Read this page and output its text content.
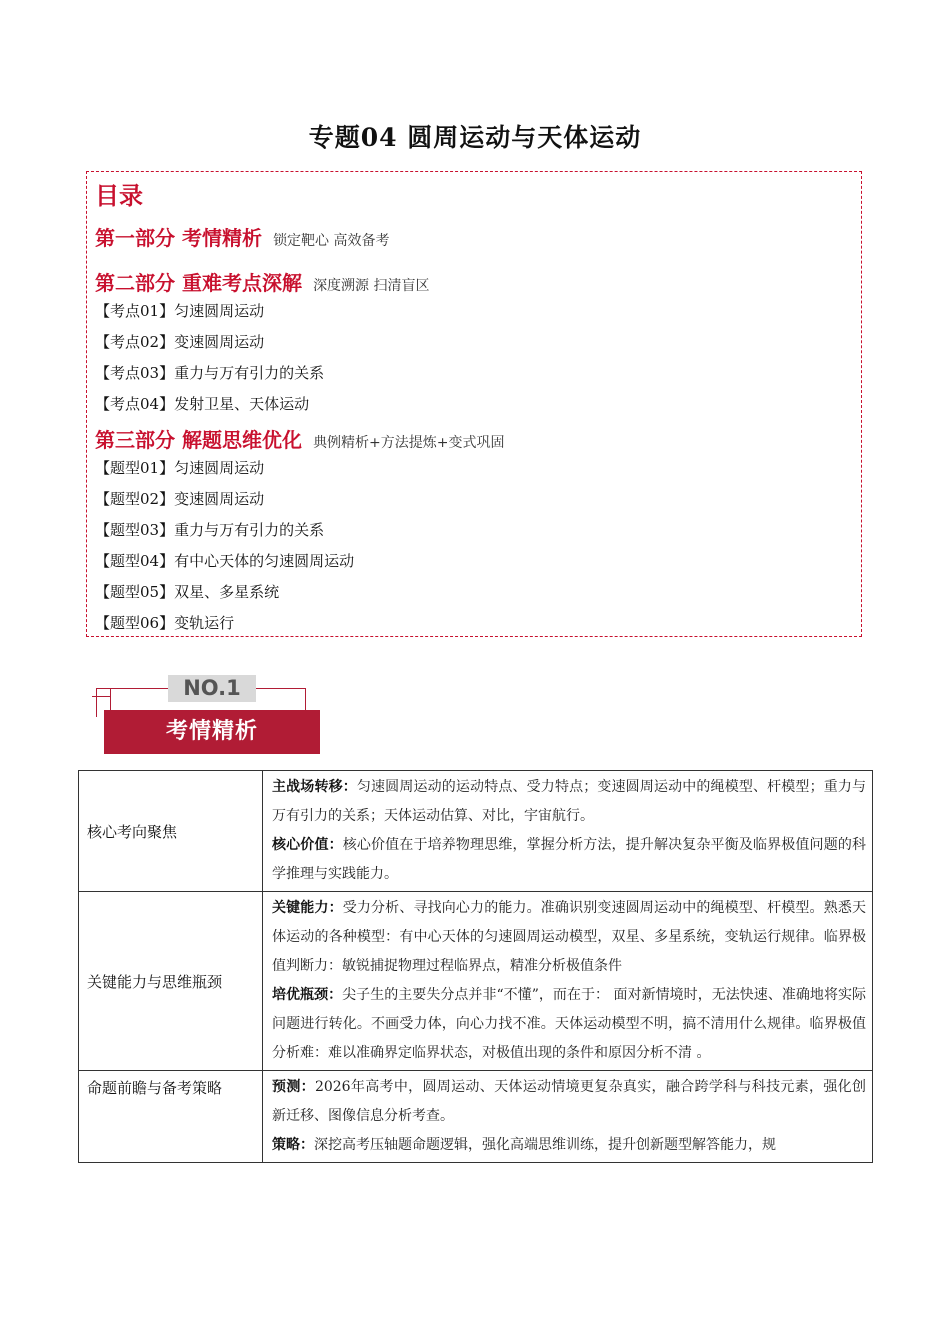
专题04 圆周运动与天体运动
目录
第一部分 考情精析 锁定靶心 高效备考
第二部分 重难考点深解 深度溯源 扫清盲区
【考点01】匀速圆周运动
【考点02】变速圆周运动
【考点03】重力与万有引力的关系
【考点04】发射卫星、天体运动
第三部分 解题思维优化 典例精析+方法提炼+变式巩固
【题型01】匀速圆周运动
【题型02】变速圆周运动
【题型03】重力与万有引力的关系
【题型04】有中心天体的匀速圆周运动
【题型05】双星、多星系统
【题型06】变轨运行
NO.1
考情精析
核心考向聚焦	主战场转移：匀速圆周运动的运动特点、受力特点；变速圆周运动中的绳模型、杆模型；重力与万有引力的关系；天体运动估算、对比，宇宙航行。
核心价值：核心价值在于培养物理思维，掌握分析方法，提升解决复杂平衡及临界极值问题的科学推理与实践能力。

关键能力与思维瓶颈	关键能力：受力分析、寻找向心力的能力。准确识别变速圆周运动中的绳模型、杆模型。熟悉天体运动的各种模型：有中心天体的匀速圆周运动模型，双星、多星系统，变轨运行规律。临界极值判断力：敏锐捕捉物理过程临界点，精准分析极值条件
培优瓶颈：尖子生的主要失分点并非“不懂”，而在于： 面对新情境时，无法快速、准确地将实际问题进行转化。不画受力体，向心力找不准。天体运动模型不明，搞不清用什么规律。临界极值分析难：难以准确界定临界状态，对极值出现的条件和原因分析不清 。

命题前瞻与备考策略	预测：2026年高考中，圆周运动、天体运动情境更复杂真实，融合跨学科与科技元素，强化创新迁移、图像信息分析考查。
策略：深挖高考压轴题命题逻辑，强化高端思维训练，提升创新题型解答能力，规
